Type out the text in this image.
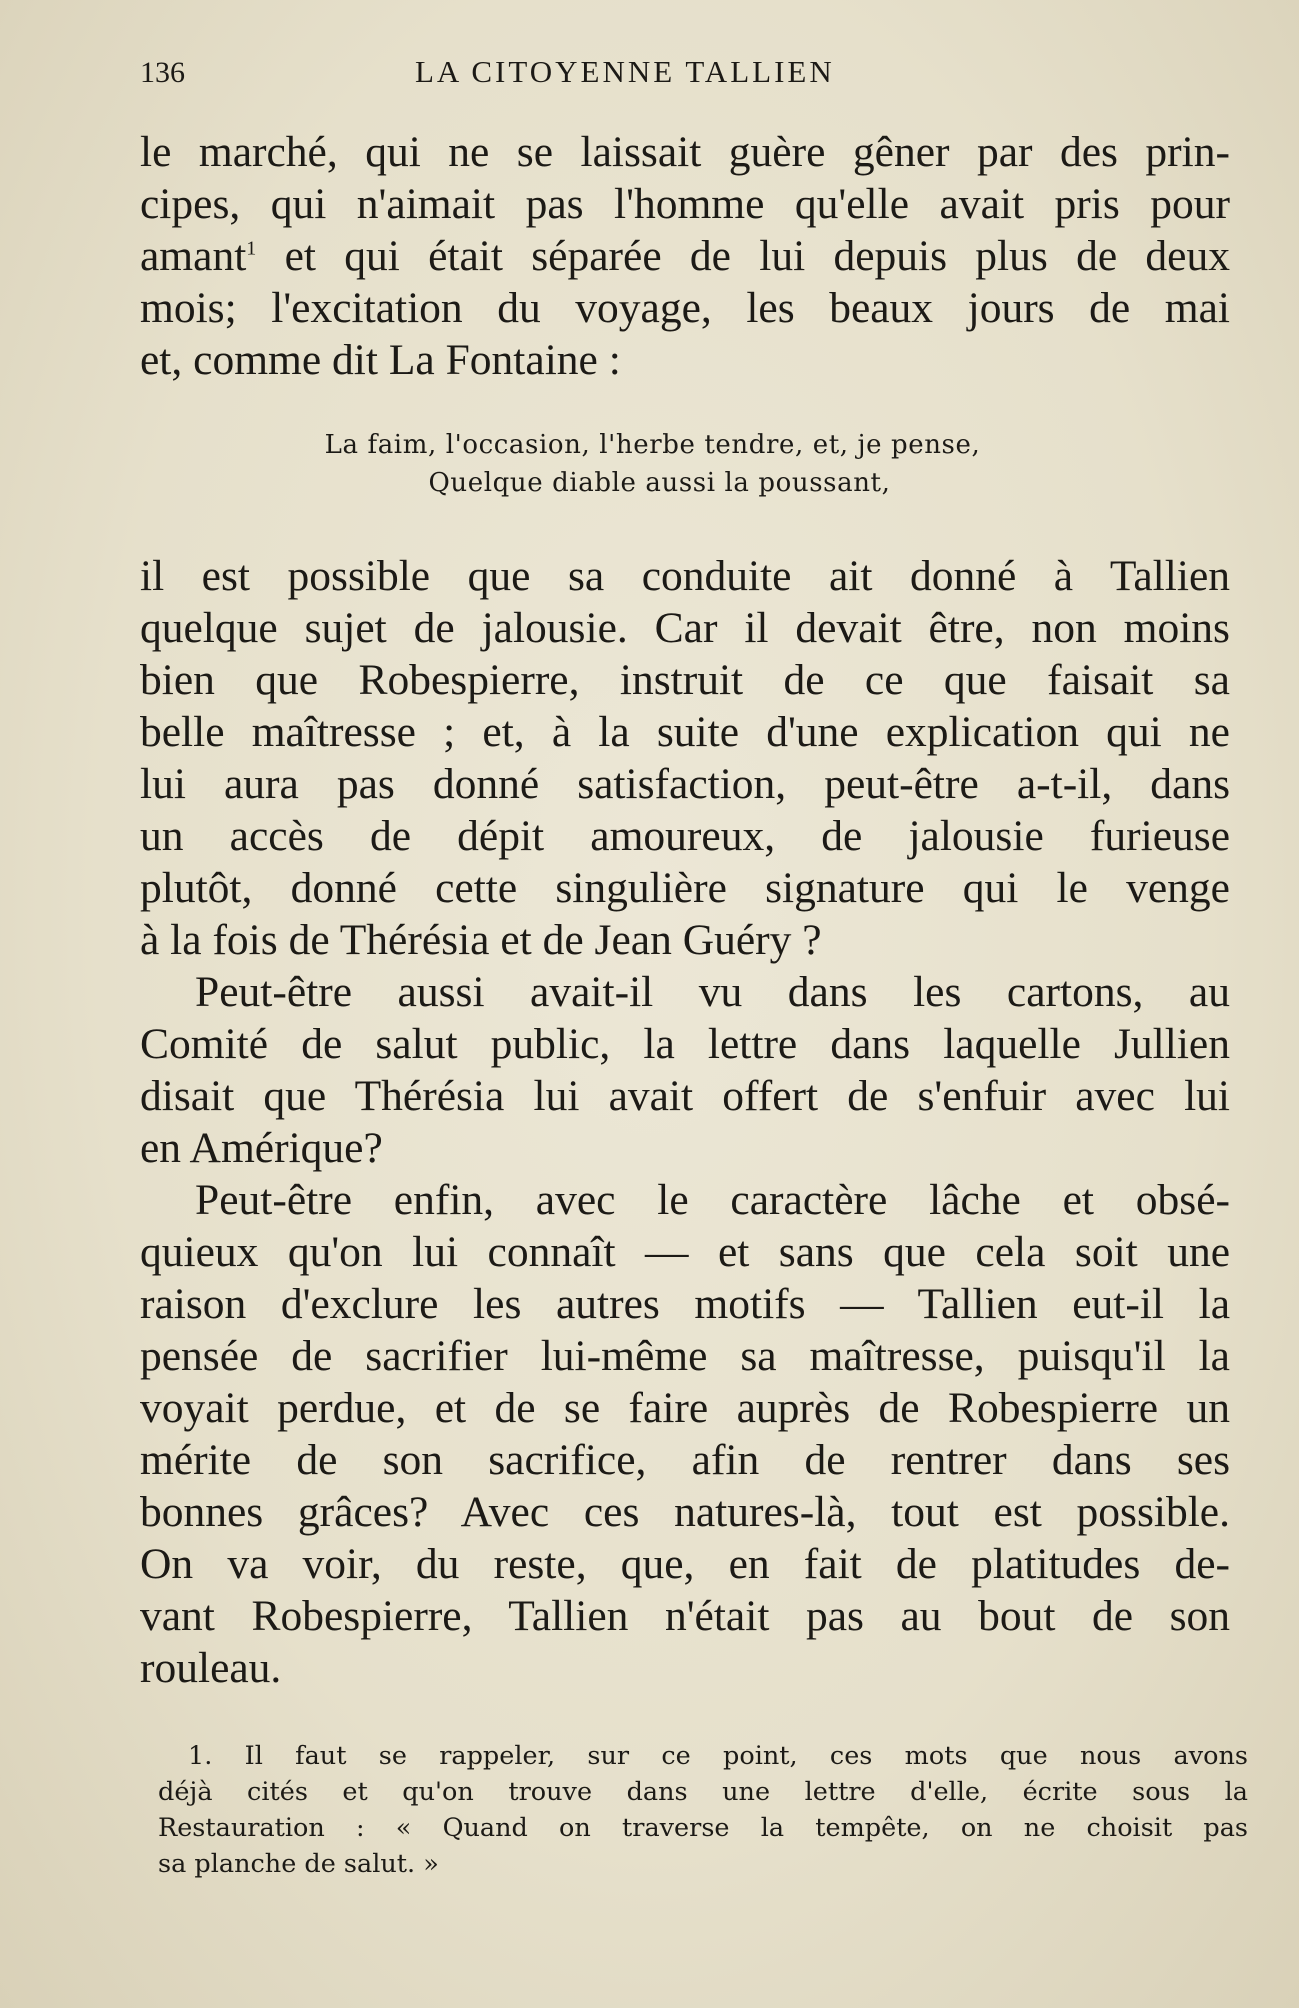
136	LA CITOYENNE TALLIEN
le marché, qui ne se laissait guère gêner par des prin-
cipes, qui n'aimait pas l'homme qu'elle avait pris pour
amant$^1$ et qui était séparée de lui depuis plus de deux
mois; l'excitation du voyage, les beaux jours de mai
et, comme dit La Fontaine :
La faim, l'occasion, l'herbe tendre, et, je pense,
Quelque diable aussi la poussant,
il est possible que sa conduite ait donné à Tallien
quelque sujet de jalousie. Car il devait être, non moins
bien que Robespierre, instruit de ce que faisait sa
belle maîtresse ; et, à la suite d'une explication qui ne
lui aura pas donné satisfaction, peut-être a-t-il, dans
un accès de dépit amoureux, de jalousie furieuse
plutôt, donné cette singulière signature qui le venge
à la fois de Thérésia et de Jean Guéry ?
Peut-être aussi avait-il vu dans les cartons, au
Comité de salut public, la lettre dans laquelle Jullien
disait que Thérésia lui avait offert de s'enfuir avec lui
en Amérique?
Peut-être enfin, avec le caractère lâche et obsé-
quieux qu'on lui connaît — et sans que cela soit une
raison d'exclure les autres motifs — Tallien eut-il la
pensée de sacrifier lui-même sa maîtresse, puisqu'il la
voyait perdue, et de se faire auprès de Robespierre un
mérite de son sacrifice, afin de rentrer dans ses
bonnes grâces? Avec ces natures-là, tout est possible.
On va voir, du reste, que, en fait de platitudes de-
vant Robespierre, Tallien n'était pas au bout de son
rouleau.
1. Il faut se rappeler, sur ce point, ces mots que nous avons
déjà cités et qu'on trouve dans une lettre d'elle, écrite sous la
Restauration : « Quand on traverse la tempête, on ne choisit pas
sa planche de salut. »
